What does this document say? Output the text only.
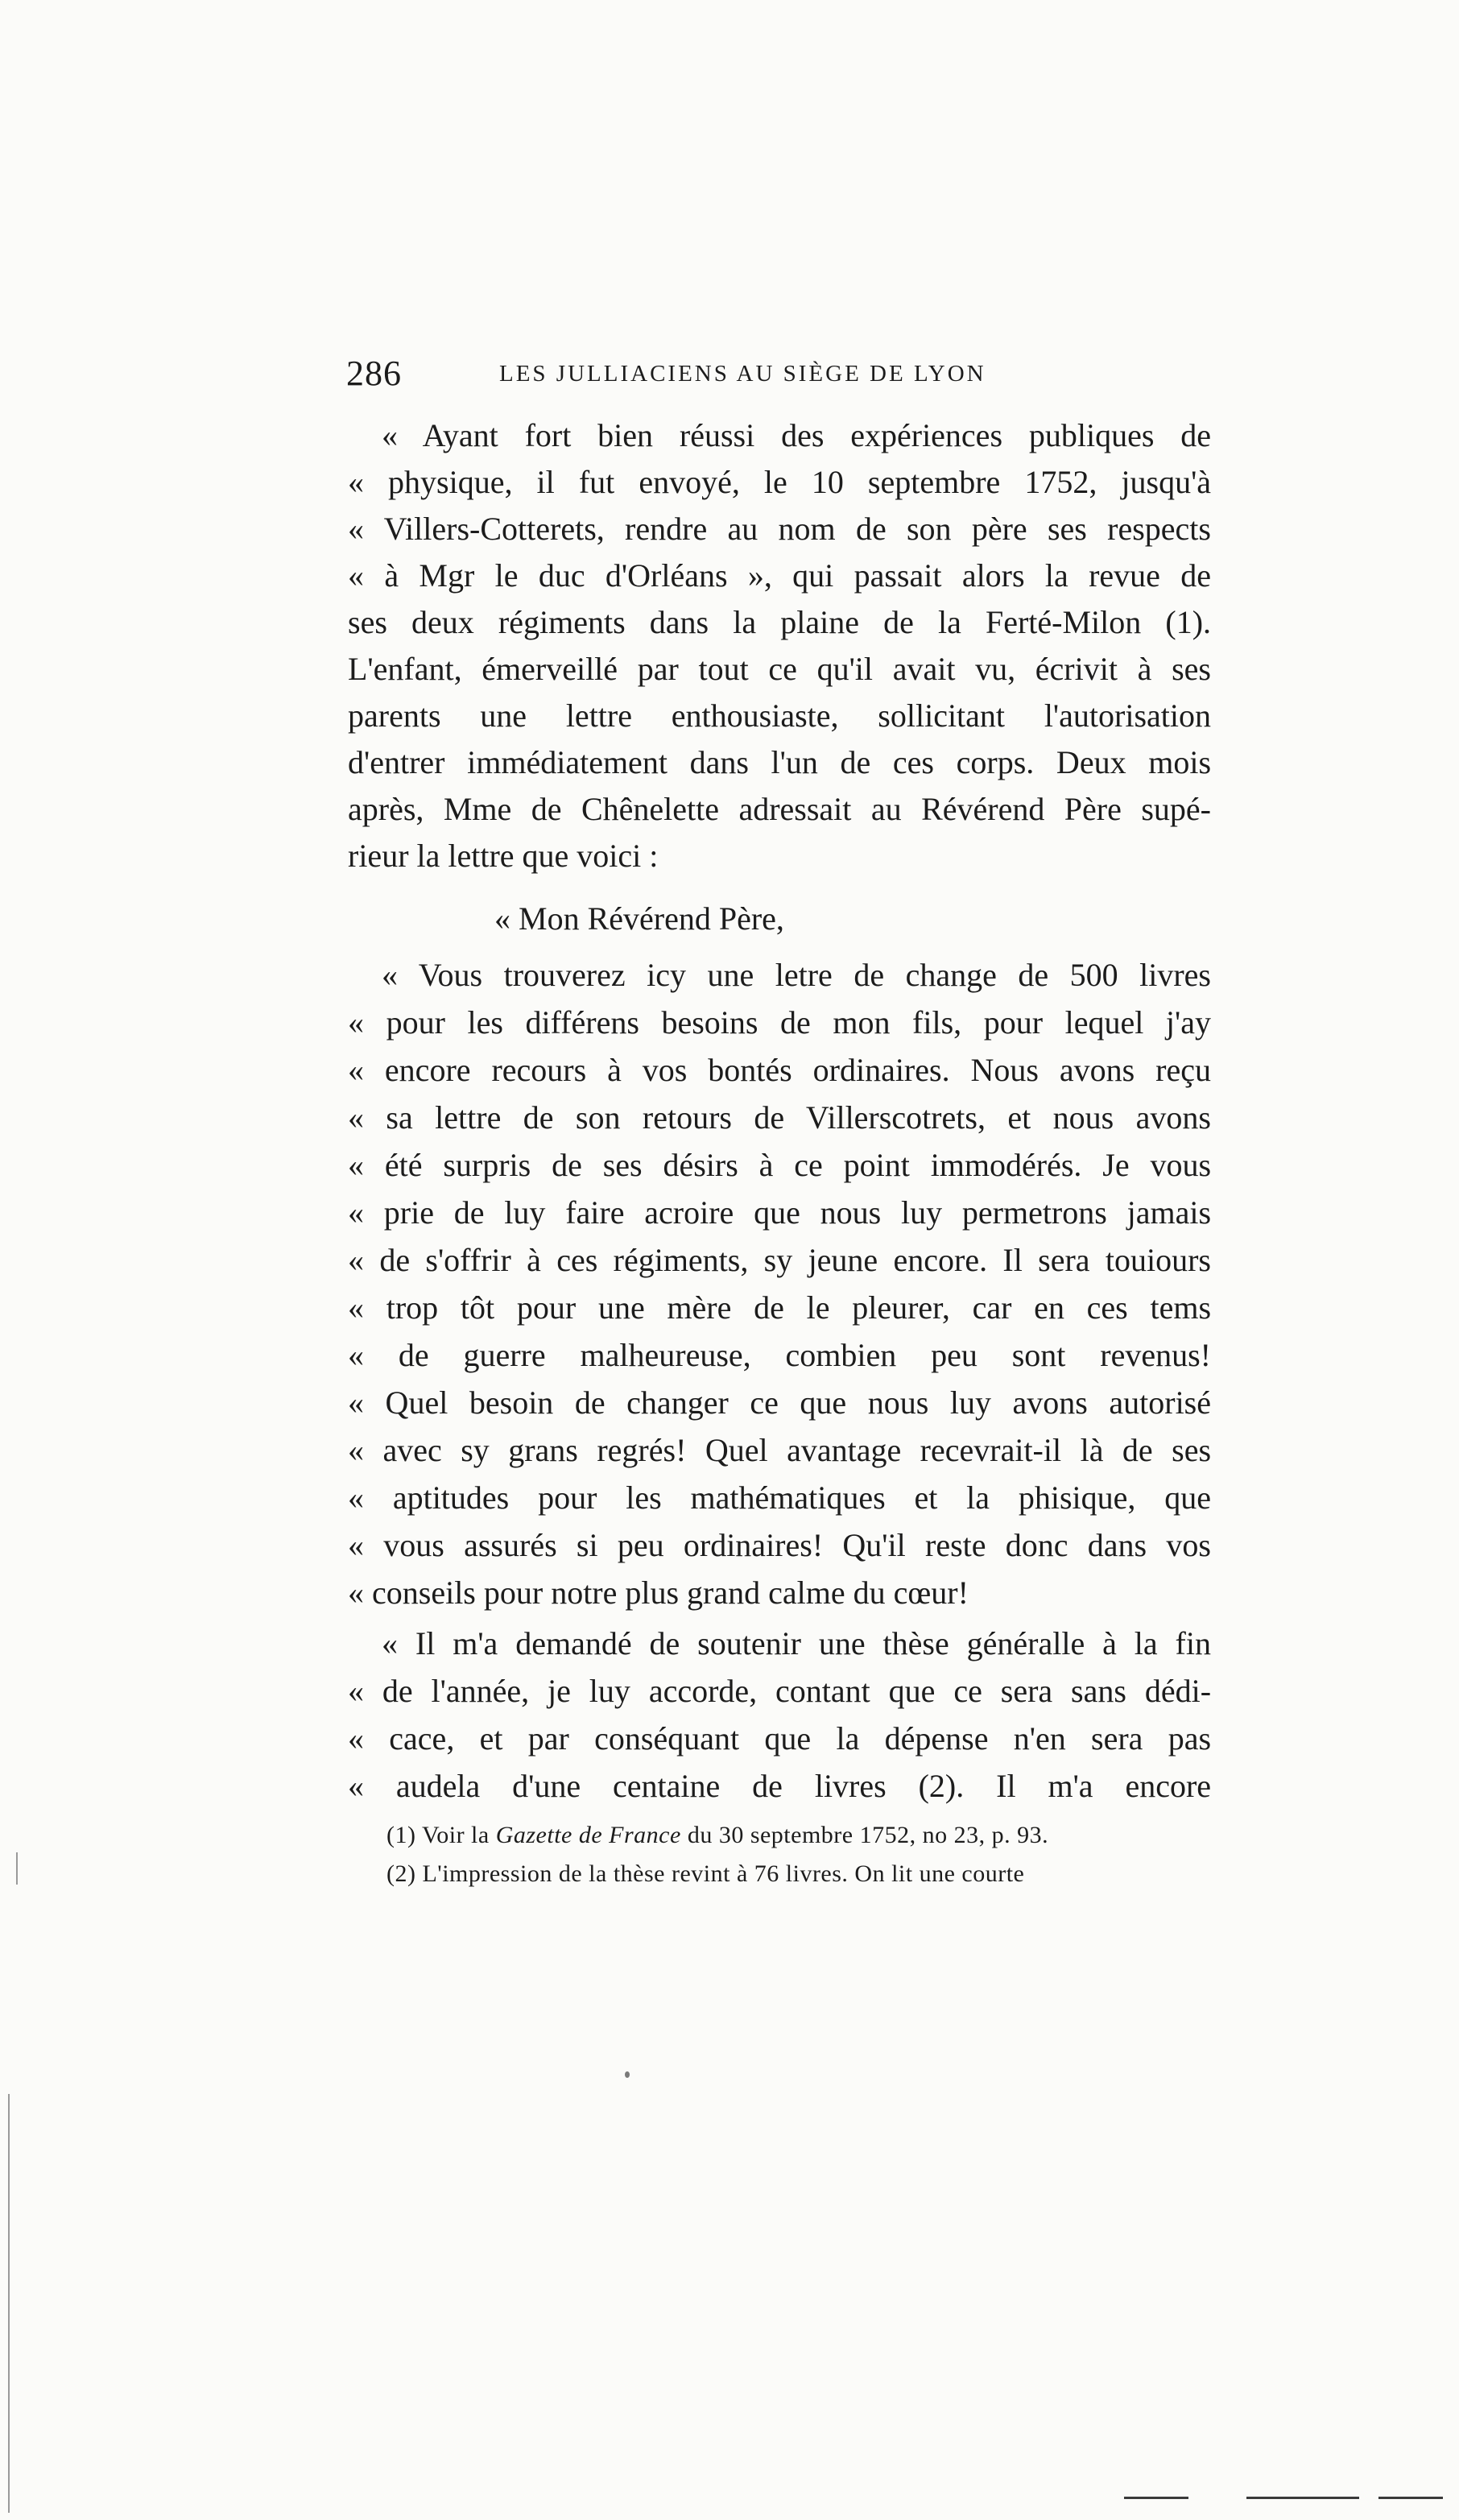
286	LES JULLIACIENS AU SIÈGE DE LYON
« Ayant fort bien réussi des expériences publiques de
« physique, il fut envoyé, le 10 septembre 1752, jusqu'à
« Villers-Cotterets, rendre au nom de son père ses respects
« à Mgr le duc d'Orléans », qui passait alors la revue de
ses deux régiments dans la plaine de la Ferté-Milon (1).
L'enfant, émerveillé par tout ce qu'il avait vu, écrivit à ses
parents une lettre enthousiaste, sollicitant l'autorisation
d'entrer immédiatement dans l'un de ces corps. Deux mois
après, Mme de Chênelette adressait au Révérend Père supé-
rieur la lettre que voici :
« Mon Révérend Père,
« Vous trouverez icy une letre de change de 500 livres
« pour les différens besoins de mon fils, pour lequel j'ay
« encore recours à vos bontés ordinaires. Nous avons reçu
« sa lettre de son retours de Villerscotrets, et nous avons
« été surpris de ses désirs à ce point immodérés. Je vous
« prie de luy faire acroire que nous luy permetrons jamais
« de s'offrir à ces régiments, sy jeune encore. Il sera touiours
« trop tôt pour une mère de le pleurer, car en ces tems
« de guerre malheureuse, combien peu sont revenus!
« Quel besoin de changer ce que nous luy avons autorisé
« avec sy grans regrés! Quel avantage recevrait-il là de ses
« aptitudes pour les mathématiques et la phisique, que
« vous assurés si peu ordinaires! Qu'il reste donc dans vos
« conseils pour notre plus grand calme du cœur!
« Il m'a demandé de soutenir une thèse généralle à la fin
« de l'année, je luy accorde, contant que ce sera sans dédi-
« cace, et par conséquant que la dépense n'en sera pas
« audela d'une centaine de livres (2). Il m'a encore
(1) Voir la Gazette de France du 30 septembre 1752, no 23, p. 93.
(2) L'impression de la thèse revint à 76 livres. On lit une courte
